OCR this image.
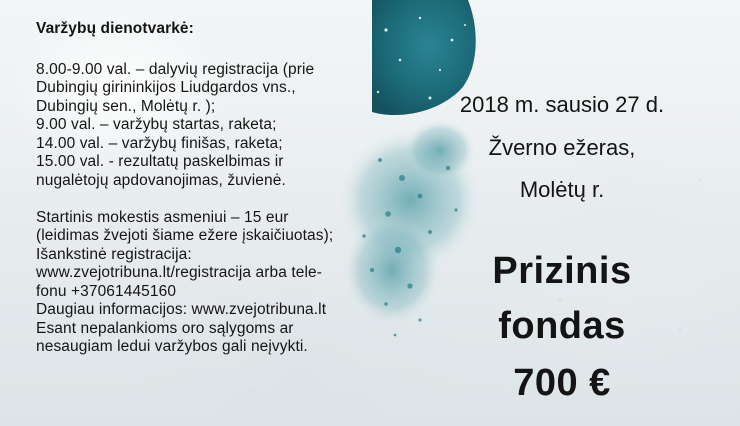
Varžybų dienotvarkė:
8.00-9.00 val. – dalyvių registracija (prie
Dubingių girininkijos Liudgardos vns.,
Dubingių sen., Molėtų r. );
9.00 val. – varžybų startas, raketa;
14.00 val. – varžybų finišas, raketa;
15.00 val. - rezultatų paskelbimas ir
nugalėtojų apdovanojimas, žuvienė.
Startinis mokestis asmeniui – 15 eur
(leidimas žvejoti šiame ežere įskaičiuotas);
Išankstinė registracija:
www.zvejotribuna.lt/registracija arba tele-
fonu +37061445160
Daugiau informacijos: www.zvejotribuna.lt
Esant nepalankioms oro sąlygoms ar
nesaugiam ledui varžybos gali neįvykti.
2018 m. sausio 27 d.
Žverno ežeras,
Molėtų r.
Prizinis
fondas
700 €
